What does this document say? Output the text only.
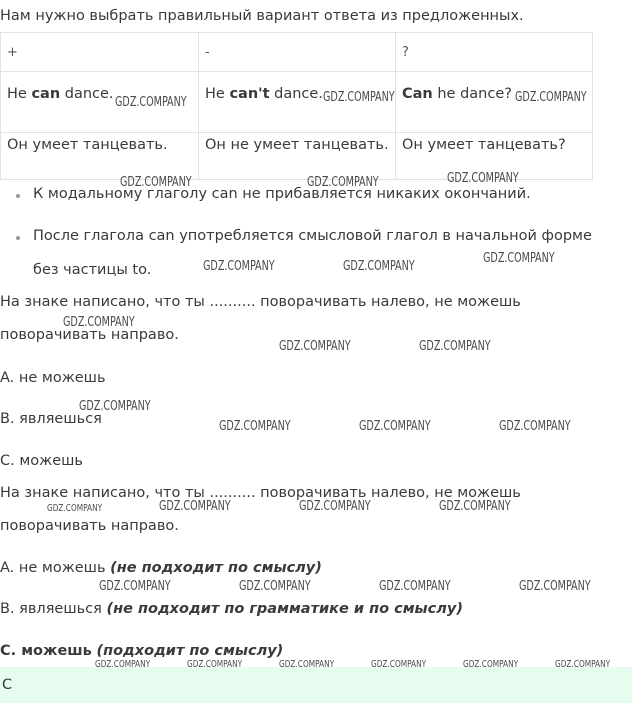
Нам нужно выбрать правильный вариант ответа из предложенных.
+	-	?
He can dance.	He can't dance.	Can he dance?
Он умеет танцевать.	Он не умеет танцевать.	Он умеет танцевать?
К модальному глаголу can не прибавляется никаких окончаний.
После глагола can употребляется смысловой глагол в начальной форме
без частицы to.
На знаке написано, что ты .......... поворачивать налево, не можешь
поворачивать направо.
A. не можешь
B. являешься
C. можешь
На знаке написано, что ты .......... поворачивать налево, не можешь
поворачивать направо.
A. не можешь (не подходит по смыслу)
B. являешься (не подходит по грамматике и по смыслу)
C. можешь (подходит по смыслу)
C
GDZ.COMPANY	GDZ.COMPANY	GDZ.COMPANY
GDZ.COMPANY	GDZ.COMPANY	GDZ.COMPANY
GDZ.COMPANY	GDZ.COMPANY
GDZ.COMPANY
GDZ.COMPANY
GDZ.COMPANY	GDZ.COMPANY
GDZ.COMPANY
GDZ.COMPANY	GDZ.COMPANY	GDZ.COMPANY
GDZ.COMPANY	GDZ.COMPANY	GDZ.COMPANY	GDZ.COMPANY
GDZ.COMPANY	GDZ.COMPANY	GDZ.COMPANY	GDZ.COMPANY
GDZ.COMPANY	GDZ.COMPANY	GDZ.COMPANY	GDZ.COMPANY	GDZ.COMPANY	GDZ.COMPANY
